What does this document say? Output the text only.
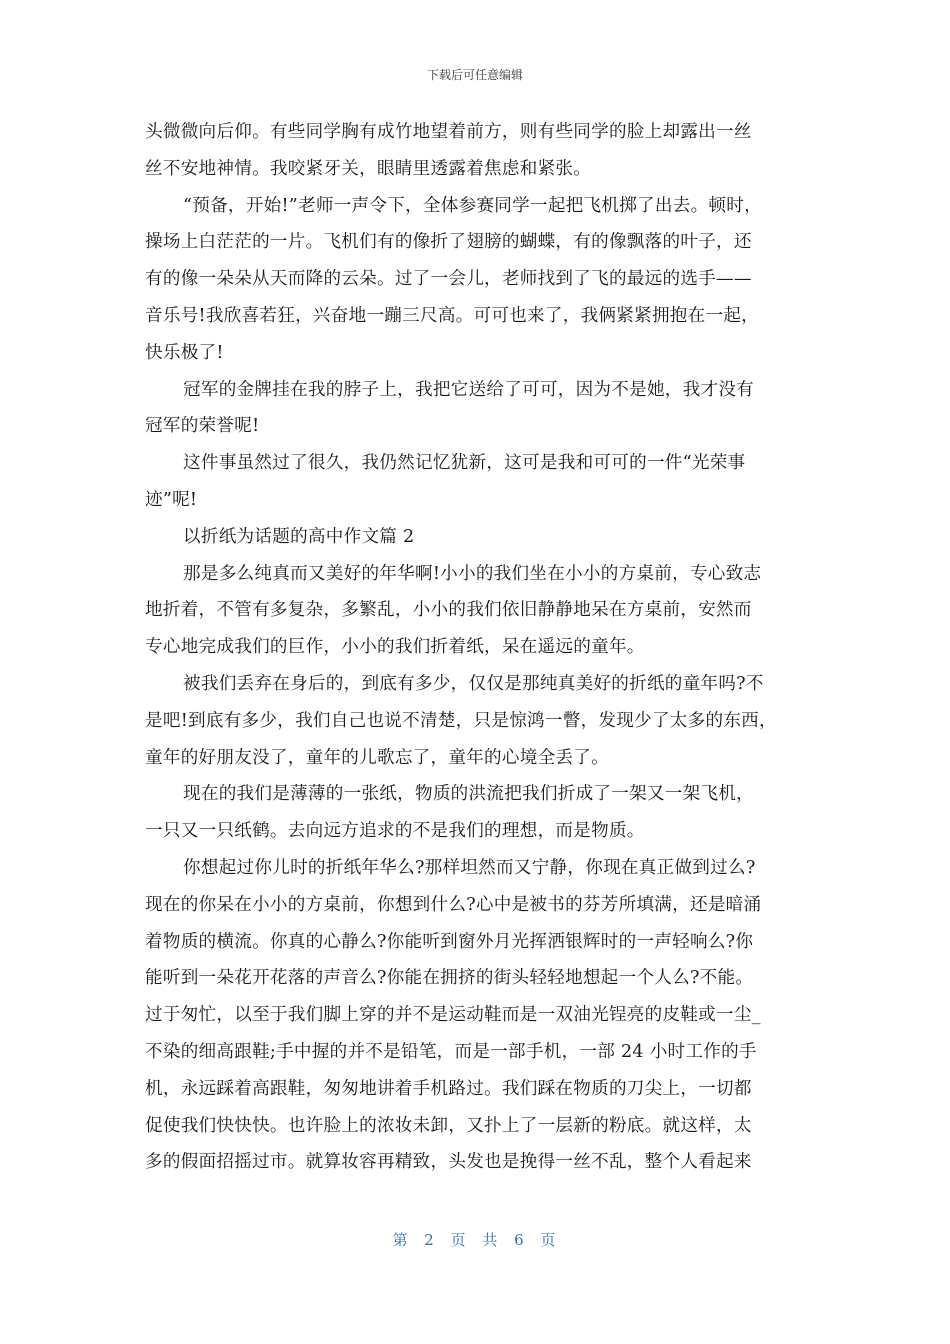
下载后可任意编辑
头微微向后仰。有些同学胸有成竹地望着前方，则有些同学的脸上却露出一丝
丝不安地神情。我咬紧牙关，眼睛里透露着焦虑和紧张。
“预备，开始!”老师一声令下，全体参赛同学一起把飞机掷了出去。顿时，
操场上白茫茫的一片。飞机们有的像折了翅膀的蝴蝶，有的像飘落的叶子，还
有的像一朵朵从天而降的云朵。过了一会儿，老师找到了飞的最远的选手——
音乐号!我欣喜若狂，兴奋地一蹦三尺高。可可也来了，我俩紧紧拥抱在一起，
快乐极了!
冠军的金牌挂在我的脖子上，我把它送给了可可，因为不是她，我才没有
冠军的荣誉呢!
这件事虽然过了很久，我仍然记忆犹新，这可是我和可可的一件“光荣事
迹”呢!
以折纸为话题的高中作文篇 2
那是多么纯真而又美好的年华啊!小小的我们坐在小小的方桌前，专心致志
地折着，不管有多复杂，多繁乱，小小的我们依旧静静地呆在方桌前，安然而
专心地完成我们的巨作，小小的我们折着纸，呆在遥远的童年。
被我们丢弃在身后的，到底有多少，仅仅是那纯真美好的折纸的童年吗?不
是吧!到底有多少，我们自己也说不清楚，只是惊鸿一瞥，发现少了太多的东西，
童年的好朋友没了，童年的儿歌忘了，童年的心境全丢了。
现在的我们是薄薄的一张纸，物质的洪流把我们折成了一架又一架飞机，
一只又一只纸鹤。去向远方追求的不是我们的理想，而是物质。
你想起过你儿时的折纸年华么?那样坦然而又宁静，你现在真正做到过么?
现在的你呆在小小的方桌前，你想到什么?心中是被书的芬芳所填满，还是暗涌
着物质的横流。你真的心静么?你能听到窗外月光挥洒银辉时的一声轻响么?你
能听到一朵花开花落的声音么?你能在拥挤的街头轻轻地想起一个人么?不能。
过于匆忙，以至于我们脚上穿的并不是运动鞋而是一双油光锃亮的皮鞋或一尘_
不染的细高跟鞋;手中握的并不是铅笔，而是一部手机，一部 24 小时工作的手
机，永远踩着高跟鞋，匆匆地讲着手机路过。我们踩在物质的刀尖上，一切都
促使我们快快快。也许脸上的浓妆未卸，又扑上了一层新的粉底。就这样，太
多的假面招摇过市。就算妆容再精致，头发也是挽得一丝不乱，整个人看起来
第 2 页 共 6 页
